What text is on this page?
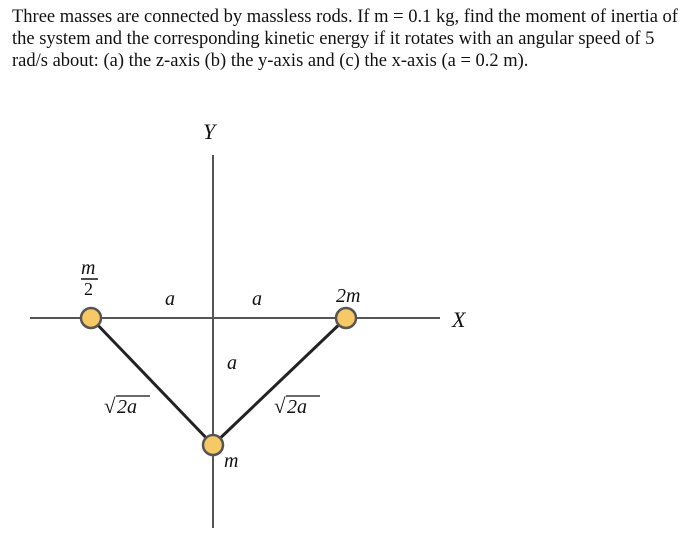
Three masses are connected by massless rods. If m = 0.1 kg, find the moment of inertia of
the system and the corresponding kinetic energy if it rotates with an angular speed of 5
rad/s about: (a) the z-axis (b) the y-axis and (c) the x-axis (a = 0.2 m).
Y
X
m
2	2m
m
a	a
a
√ 2a	√ 2a
